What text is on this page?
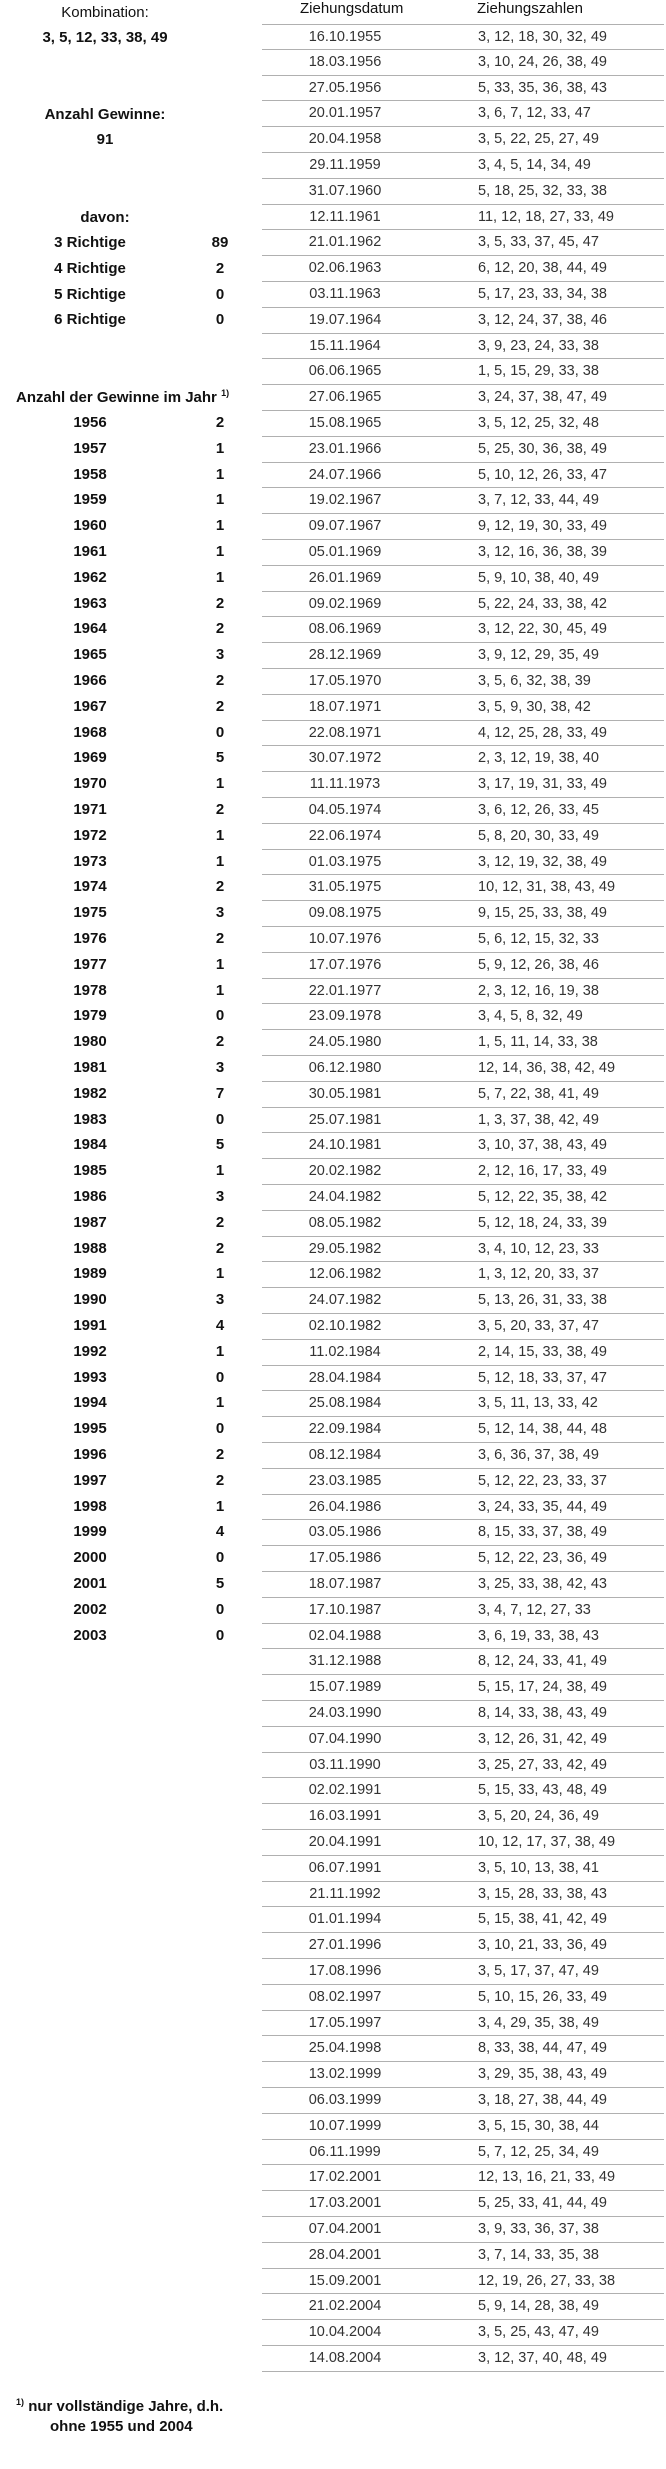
Kombination:
3, 5, 12, 33, 38, 49
Anzahl Gewinne:
91
davon:
3 Richtige	89
4 Richtige	2
5 Richtige	0
6 Richtige	0
Anzahl der Gewinne im Jahr $^{1)}$
1956	2
1957	1
1958	1
1959	1
1960	1
1961	1
1962	1
1963	2
1964	2
1965	3
1966	2
1967	2
1968	0
1969	5
1970	1
1971	2
1972	1
1973	1
1974	2
1975	3
1976	2
1977	1
1978	1
1979	0
1980	2
1981	3
1982	7
1983	0
1984	5
1985	1
1986	3
1987	2
1988	2
1989	1
1990	3
1991	4
1992	1
1993	0
1994	1
1995	0
1996	2
1997	2
1998	1
1999	4
2000	0
2001	5
2002	0
2003	0
Ziehungsdatum	Ziehungszahlen
16.10.1955	3, 12, 18, 30, 32, 49
18.03.1956	3, 10, 24, 26, 38, 49
27.05.1956	5, 33, 35, 36, 38, 43
20.01.1957	3, 6, 7, 12, 33, 47
20.04.1958	3, 5, 22, 25, 27, 49
29.11.1959	3, 4, 5, 14, 34, 49
31.07.1960	5, 18, 25, 32, 33, 38
12.11.1961	11, 12, 18, 27, 33, 49
21.01.1962	3, 5, 33, 37, 45, 47
02.06.1963	6, 12, 20, 38, 44, 49
03.11.1963	5, 17, 23, 33, 34, 38
19.07.1964	3, 12, 24, 37, 38, 46
15.11.1964	3, 9, 23, 24, 33, 38
06.06.1965	1, 5, 15, 29, 33, 38
27.06.1965	3, 24, 37, 38, 47, 49
15.08.1965	3, 5, 12, 25, 32, 48
23.01.1966	5, 25, 30, 36, 38, 49
24.07.1966	5, 10, 12, 26, 33, 47
19.02.1967	3, 7, 12, 33, 44, 49
09.07.1967	9, 12, 19, 30, 33, 49
05.01.1969	3, 12, 16, 36, 38, 39
26.01.1969	5, 9, 10, 38, 40, 49
09.02.1969	5, 22, 24, 33, 38, 42
08.06.1969	3, 12, 22, 30, 45, 49
28.12.1969	3, 9, 12, 29, 35, 49
17.05.1970	3, 5, 6, 32, 38, 39
18.07.1971	3, 5, 9, 30, 38, 42
22.08.1971	4, 12, 25, 28, 33, 49
30.07.1972	2, 3, 12, 19, 38, 40
11.11.1973	3, 17, 19, 31, 33, 49
04.05.1974	3, 6, 12, 26, 33, 45
22.06.1974	5, 8, 20, 30, 33, 49
01.03.1975	3, 12, 19, 32, 38, 49
31.05.1975	10, 12, 31, 38, 43, 49
09.08.1975	9, 15, 25, 33, 38, 49
10.07.1976	5, 6, 12, 15, 32, 33
17.07.1976	5, 9, 12, 26, 38, 46
22.01.1977	2, 3, 12, 16, 19, 38
23.09.1978	3, 4, 5, 8, 32, 49
24.05.1980	1, 5, 11, 14, 33, 38
06.12.1980	12, 14, 36, 38, 42, 49
30.05.1981	5, 7, 22, 38, 41, 49
25.07.1981	1, 3, 37, 38, 42, 49
24.10.1981	3, 10, 37, 38, 43, 49
20.02.1982	2, 12, 16, 17, 33, 49
24.04.1982	5, 12, 22, 35, 38, 42
08.05.1982	5, 12, 18, 24, 33, 39
29.05.1982	3, 4, 10, 12, 23, 33
12.06.1982	1, 3, 12, 20, 33, 37
24.07.1982	5, 13, 26, 31, 33, 38
02.10.1982	3, 5, 20, 33, 37, 47
11.02.1984	2, 14, 15, 33, 38, 49
28.04.1984	5, 12, 18, 33, 37, 47
25.08.1984	3, 5, 11, 13, 33, 42
22.09.1984	5, 12, 14, 38, 44, 48
08.12.1984	3, 6, 36, 37, 38, 49
23.03.1985	5, 12, 22, 23, 33, 37
26.04.1986	3, 24, 33, 35, 44, 49
03.05.1986	8, 15, 33, 37, 38, 49
17.05.1986	5, 12, 22, 23, 36, 49
18.07.1987	3, 25, 33, 38, 42, 43
17.10.1987	3, 4, 7, 12, 27, 33
02.04.1988	3, 6, 19, 33, 38, 43
31.12.1988	8, 12, 24, 33, 41, 49
15.07.1989	5, 15, 17, 24, 38, 49
24.03.1990	8, 14, 33, 38, 43, 49
07.04.1990	3, 12, 26, 31, 42, 49
03.11.1990	3, 25, 27, 33, 42, 49
02.02.1991	5, 15, 33, 43, 48, 49
16.03.1991	3, 5, 20, 24, 36, 49
20.04.1991	10, 12, 17, 37, 38, 49
06.07.1991	3, 5, 10, 13, 38, 41
21.11.1992	3, 15, 28, 33, 38, 43
01.01.1994	5, 15, 38, 41, 42, 49
27.01.1996	3, 10, 21, 33, 36, 49
17.08.1996	3, 5, 17, 37, 47, 49
08.02.1997	5, 10, 15, 26, 33, 49
17.05.1997	3, 4, 29, 35, 38, 49
25.04.1998	8, 33, 38, 44, 47, 49
13.02.1999	3, 29, 35, 38, 43, 49
06.03.1999	3, 18, 27, 38, 44, 49
10.07.1999	3, 5, 15, 30, 38, 44
06.11.1999	5, 7, 12, 25, 34, 49
17.02.2001	12, 13, 16, 21, 33, 49
17.03.2001	5, 25, 33, 41, 44, 49
07.04.2001	3, 9, 33, 36, 37, 38
28.04.2001	3, 7, 14, 33, 35, 38
15.09.2001	12, 19, 26, 27, 33, 38
21.02.2004	5, 9, 14, 28, 38, 49
10.04.2004	3, 5, 25, 43, 47, 49
14.08.2004	3, 12, 37, 40, 48, 49
$^{1)}$ nur vollständige Jahre, d.h.
ohne 1955 und 2004
